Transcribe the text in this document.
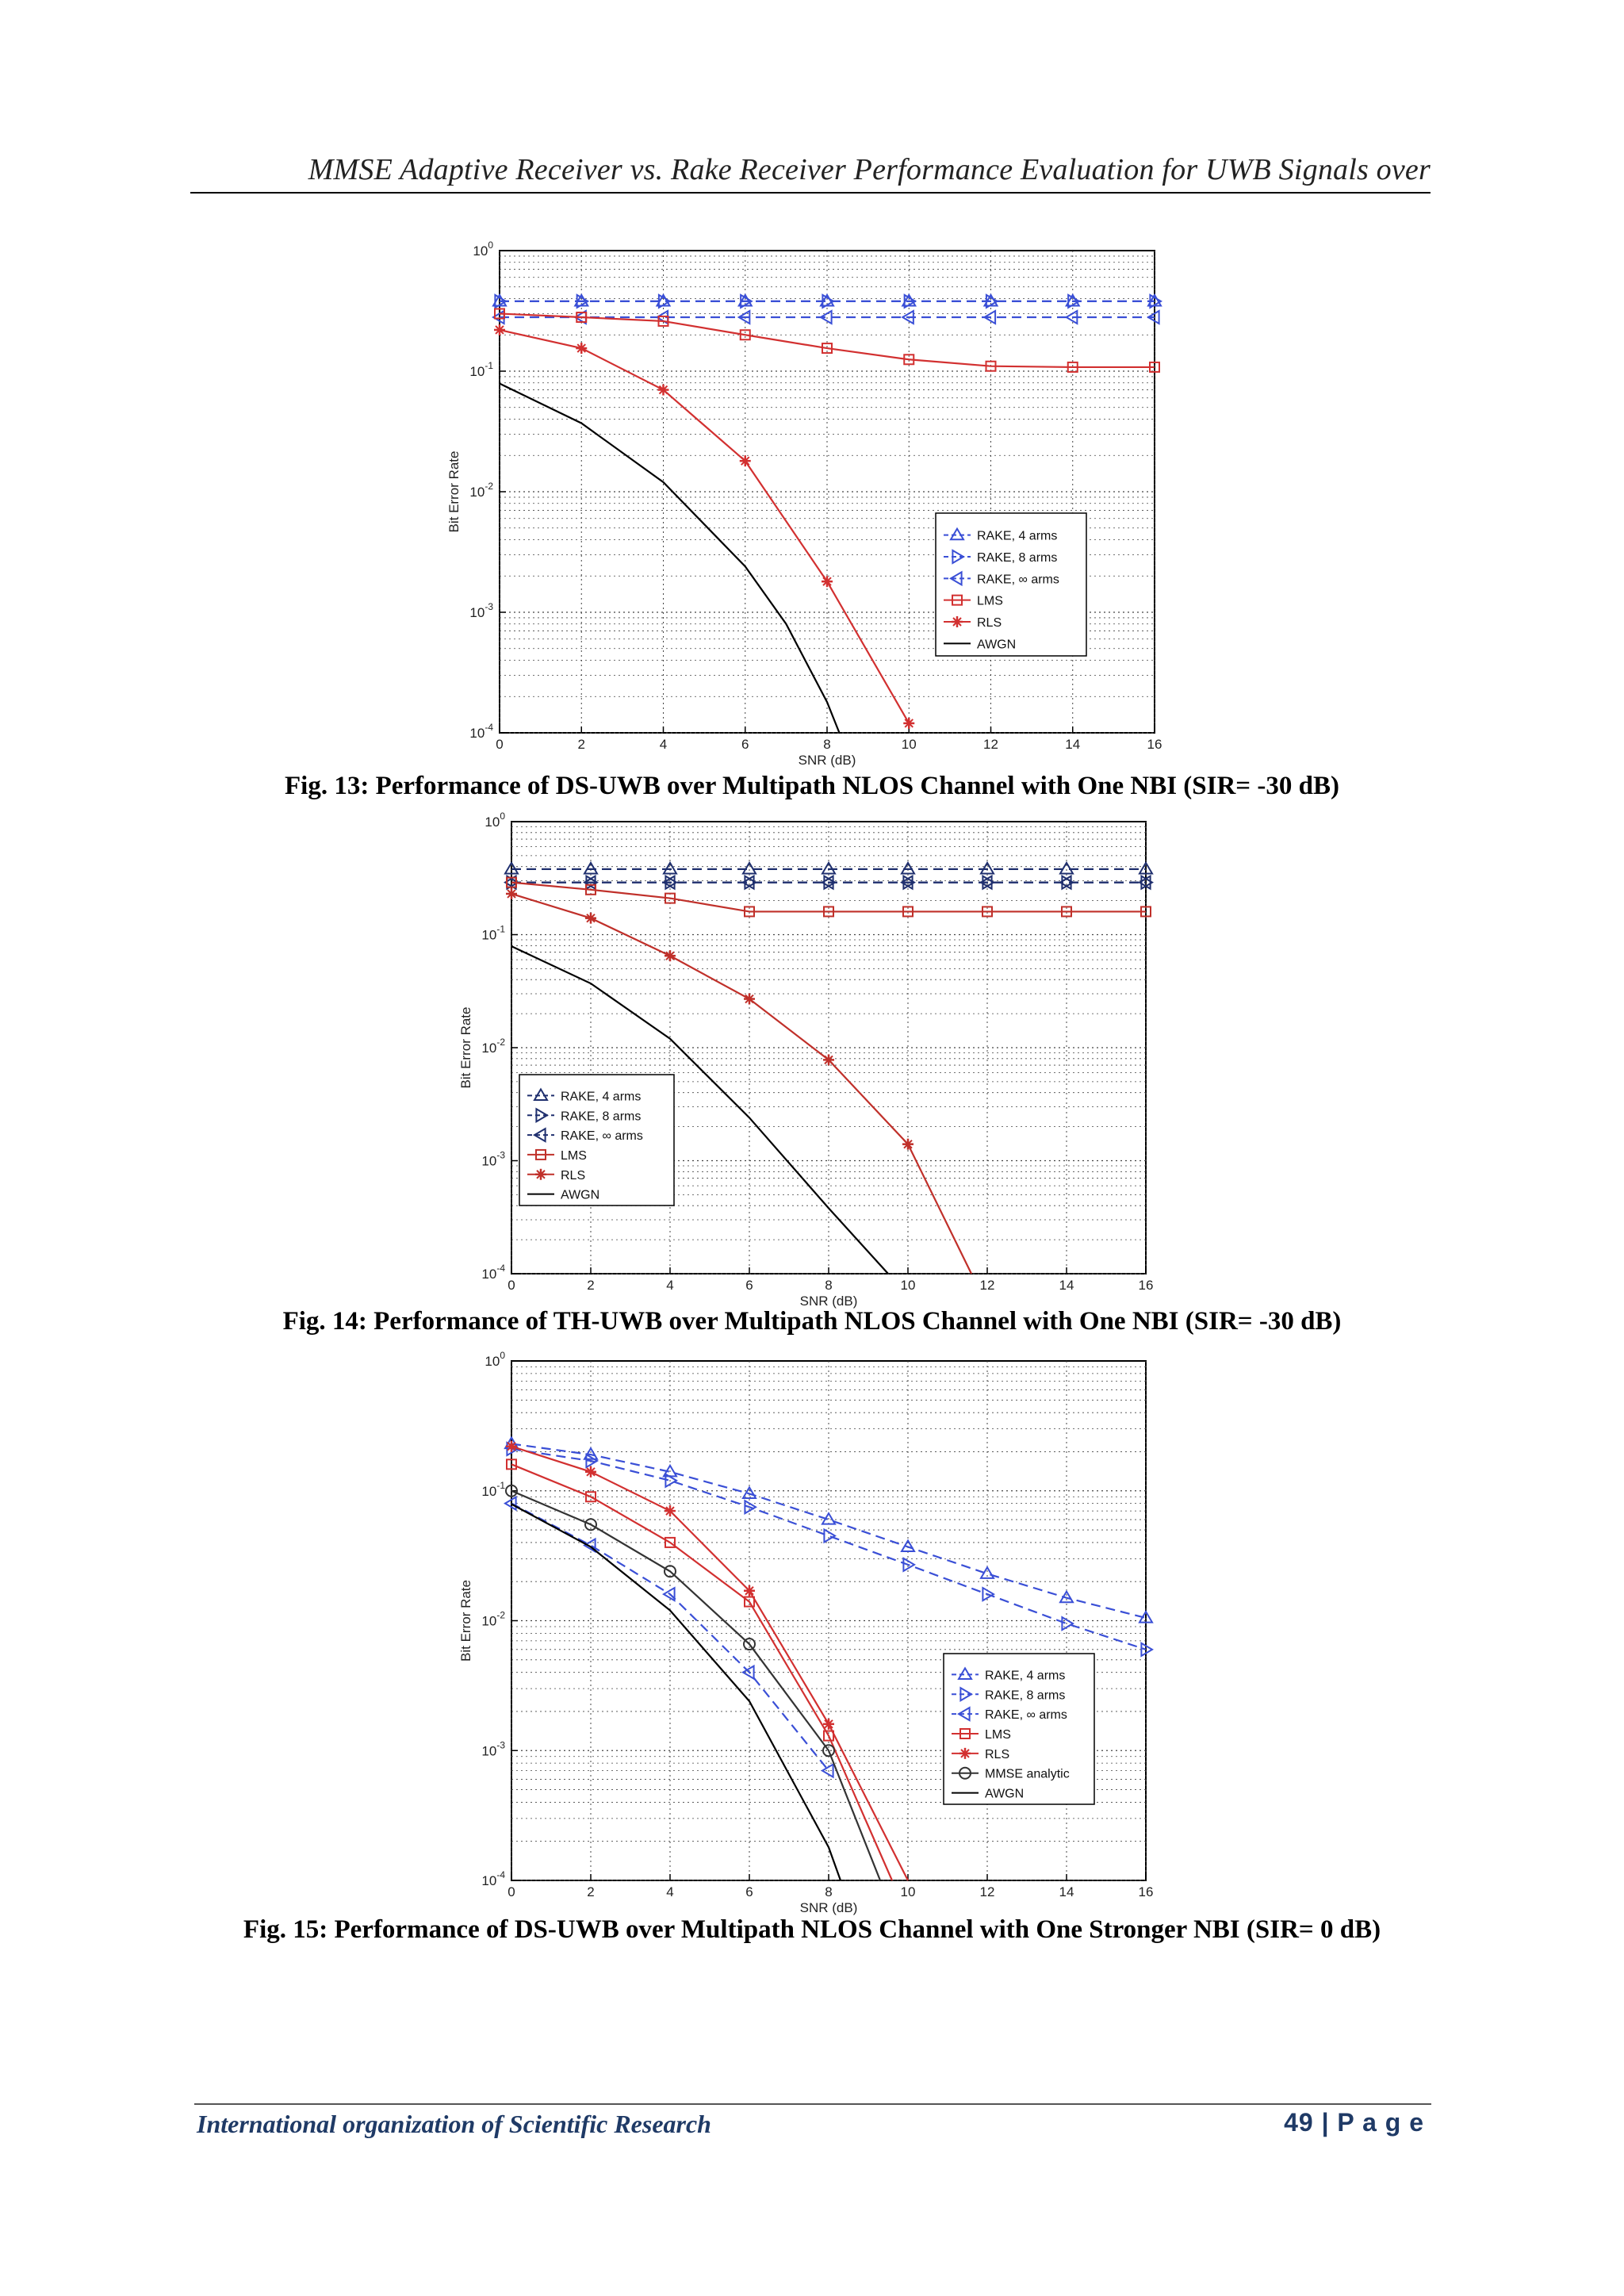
MMSE Adaptive Receiver vs. Rake Receiver Performance Evaluation for UWB Signals over
0	2	4	6	8	10	12	14	16
SNR (dB)
$10^0$
$10^{-1}$
$10^{-2}$
$10^{-3}$
$10^{-4}$
Bit Error Rate
RAKE, 4 arms
RAKE, 8 arms
RAKE, ∞ arms
LMS
RLS
AWGN
Fig. 13: Performance of DS-UWB over Multipath NLOS Channel with One NBI (SIR= -30 dB)
0	2	4	6	8	10	12	14	16
SNR (dB)
$10^0$
$10^{-1}$
$10^{-2}$
$10^{-3}$
$10^{-4}$
Bit Error Rate
RAKE, 4 arms
RAKE, 8 arms
RAKE, ∞ arms
LMS
RLS
AWGN
Fig. 14: Performance of TH-UWB over Multipath NLOS Channel with One NBI (SIR= -30 dB)
0	2	4	6	8	10	12	14	16
SNR (dB)
$10^0$
$10^{-1}$
$10^{-2}$
$10^{-3}$
$10^{-4}$
Bit Error Rate
RAKE, 4 arms
RAKE, 8 arms
RAKE, ∞ arms
LMS
RLS
MMSE analytic
AWGN
Fig. 15: Performance of DS-UWB over Multipath NLOS Channel with One Stronger NBI (SIR= 0 dB)
International organization of Scientific Research	49 | P a g e
